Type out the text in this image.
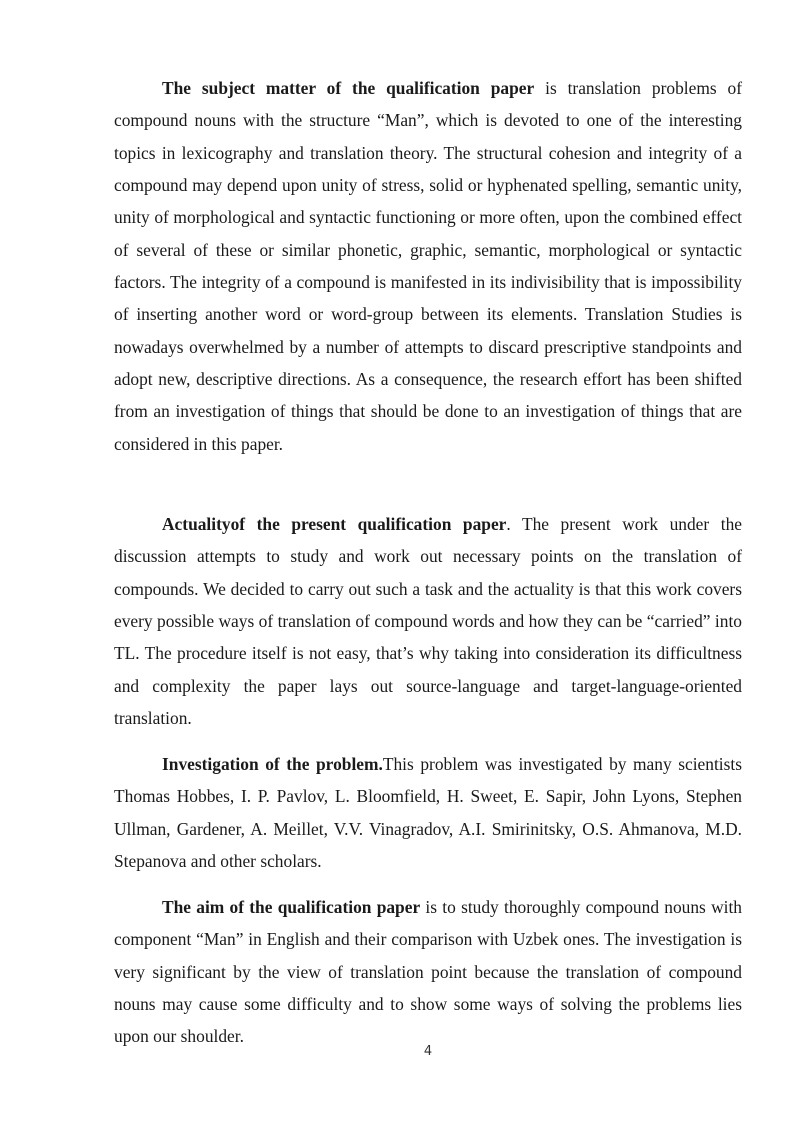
The subject matter of the qualification paper is translation problems of compound nouns with the structure “Man”, which is devoted to one of the interesting topics in lexicography and translation theory. The structural cohesion and integrity of a compound may depend upon unity of stress, solid or hyphenated spelling, semantic unity, unity of morphological and syntactic functioning or more often, upon the combined effect of several of these or similar phonetic, graphic, semantic, morphological or syntactic factors. The integrity of a compound is manifested in its indivisibility that is impossibility of inserting another word or word-group between its elements. Translation Studies is nowadays overwhelmed by a number of attempts to discard prescriptive standpoints and adopt new, descriptive directions. As a consequence, the research effort has been shifted from an investigation of things that should be done to an investigation of things that are considered in this paper.

Actualityof the present qualification paper. The present work under the discussion attempts to study and work out necessary points on the translation of compounds. We decided to carry out such a task and the actuality is that this work covers every possible ways of translation of compound words and how they can be “carried” into TL. The procedure itself is not easy, that’s why taking into consideration its difficultness and complexity the paper lays out source-language and target-language-oriented translation.

Investigation of the problem.This problem was investigated by many scientists Thomas Hobbes, I. P. Pavlov, L. Bloomfield, H. Sweet, E. Sapir, John Lyons, Stephen Ullman, Gardener, A. Meillet, V.V. Vinagradov, A.I. Smirinitsky, O.S. Ahmanova, M.D. Stepanova and other scholars.

The aim of the qualification paper is to study thoroughly compound nouns with component “Man” in English and their comparison with Uzbek ones. The investigation is very significant by the view of translation point because the translation of compound nouns may cause some difficulty and to show some ways of solving the problems lies upon our shoulder.

4
